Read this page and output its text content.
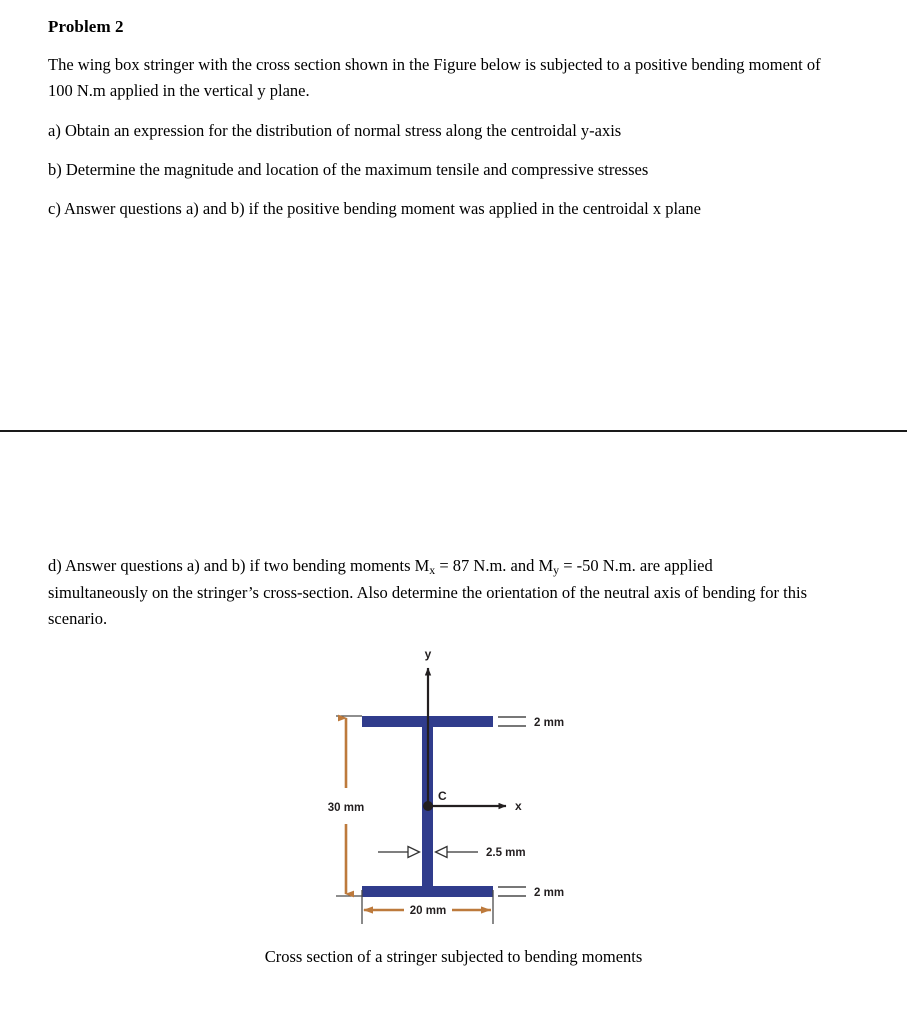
Problem 2

The wing box stringer with the cross section shown in the Figure below is subjected to a positive bending moment of 100 N.m applied in the vertical y plane.

a) Obtain an expression for the distribution of normal stress along the centroidal y-axis

b) Determine the magnitude and location of the maximum tensile and compressive stresses

c) Answer questions a) and b) if the positive bending moment was applied in the centroidal x plane

d) Answer questions a) and b) if two bending moments $M_x = 87$ N.m. and $M_y = -50$ N.m. are applied simultaneously on the stringer’s cross-section. Also determine the orientation of the neutral axis of bending for this scenario.

y
x
C
30 mm
20 mm
2.5 mm
2 mm
2 mm
Cross section of a stringer subjected to bending moments
